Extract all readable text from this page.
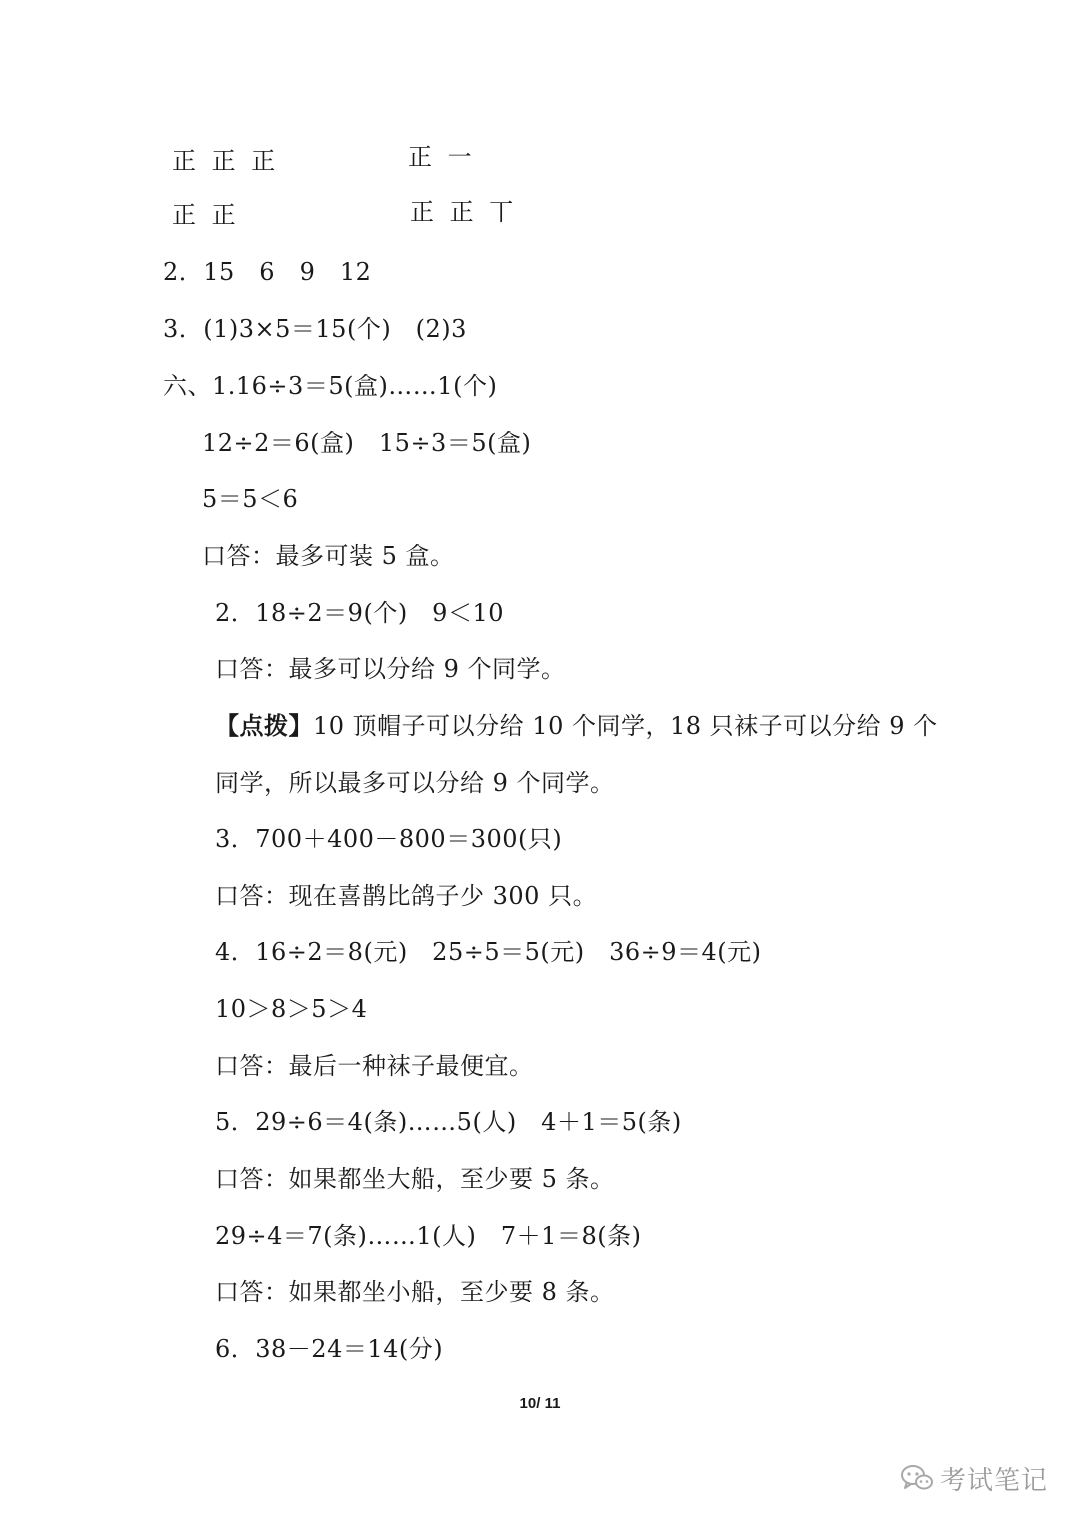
正 正 正	正 一
正 正	正 正 丅
2．15　6　9　12
3．(1)3×5＝15(个)　(2)3
六、1.16÷3＝5(盒)……1(个)
12÷2＝6(盒)　15÷3＝5(盒)
5＝5＜6
口答：最多可装 5 盒。
2．18÷2＝9(个)　9＜10
口答：最多可以分给 9 个同学。
【点拨】10 顶帽子可以分给 10 个同学，18 只袜子可以分给 9 个
同学，所以最多可以分给 9 个同学。
3．700＋400－800＝300(只)
口答：现在喜鹊比鸽子少 300 只。
4．16÷2＝8(元)　25÷5＝5(元)　36÷9＝4(元)
10＞8＞5＞4
口答：最后一种袜子最便宜。
5．29÷6＝4(条)……5(人)　4＋1＝5(条)
口答：如果都坐大船，至少要 5 条。
29÷4＝7(条)……1(人)　7＋1＝8(条)
口答：如果都坐小船，至少要 8 条。
6．38－24＝14(分)
10/ 11
考试笔记
